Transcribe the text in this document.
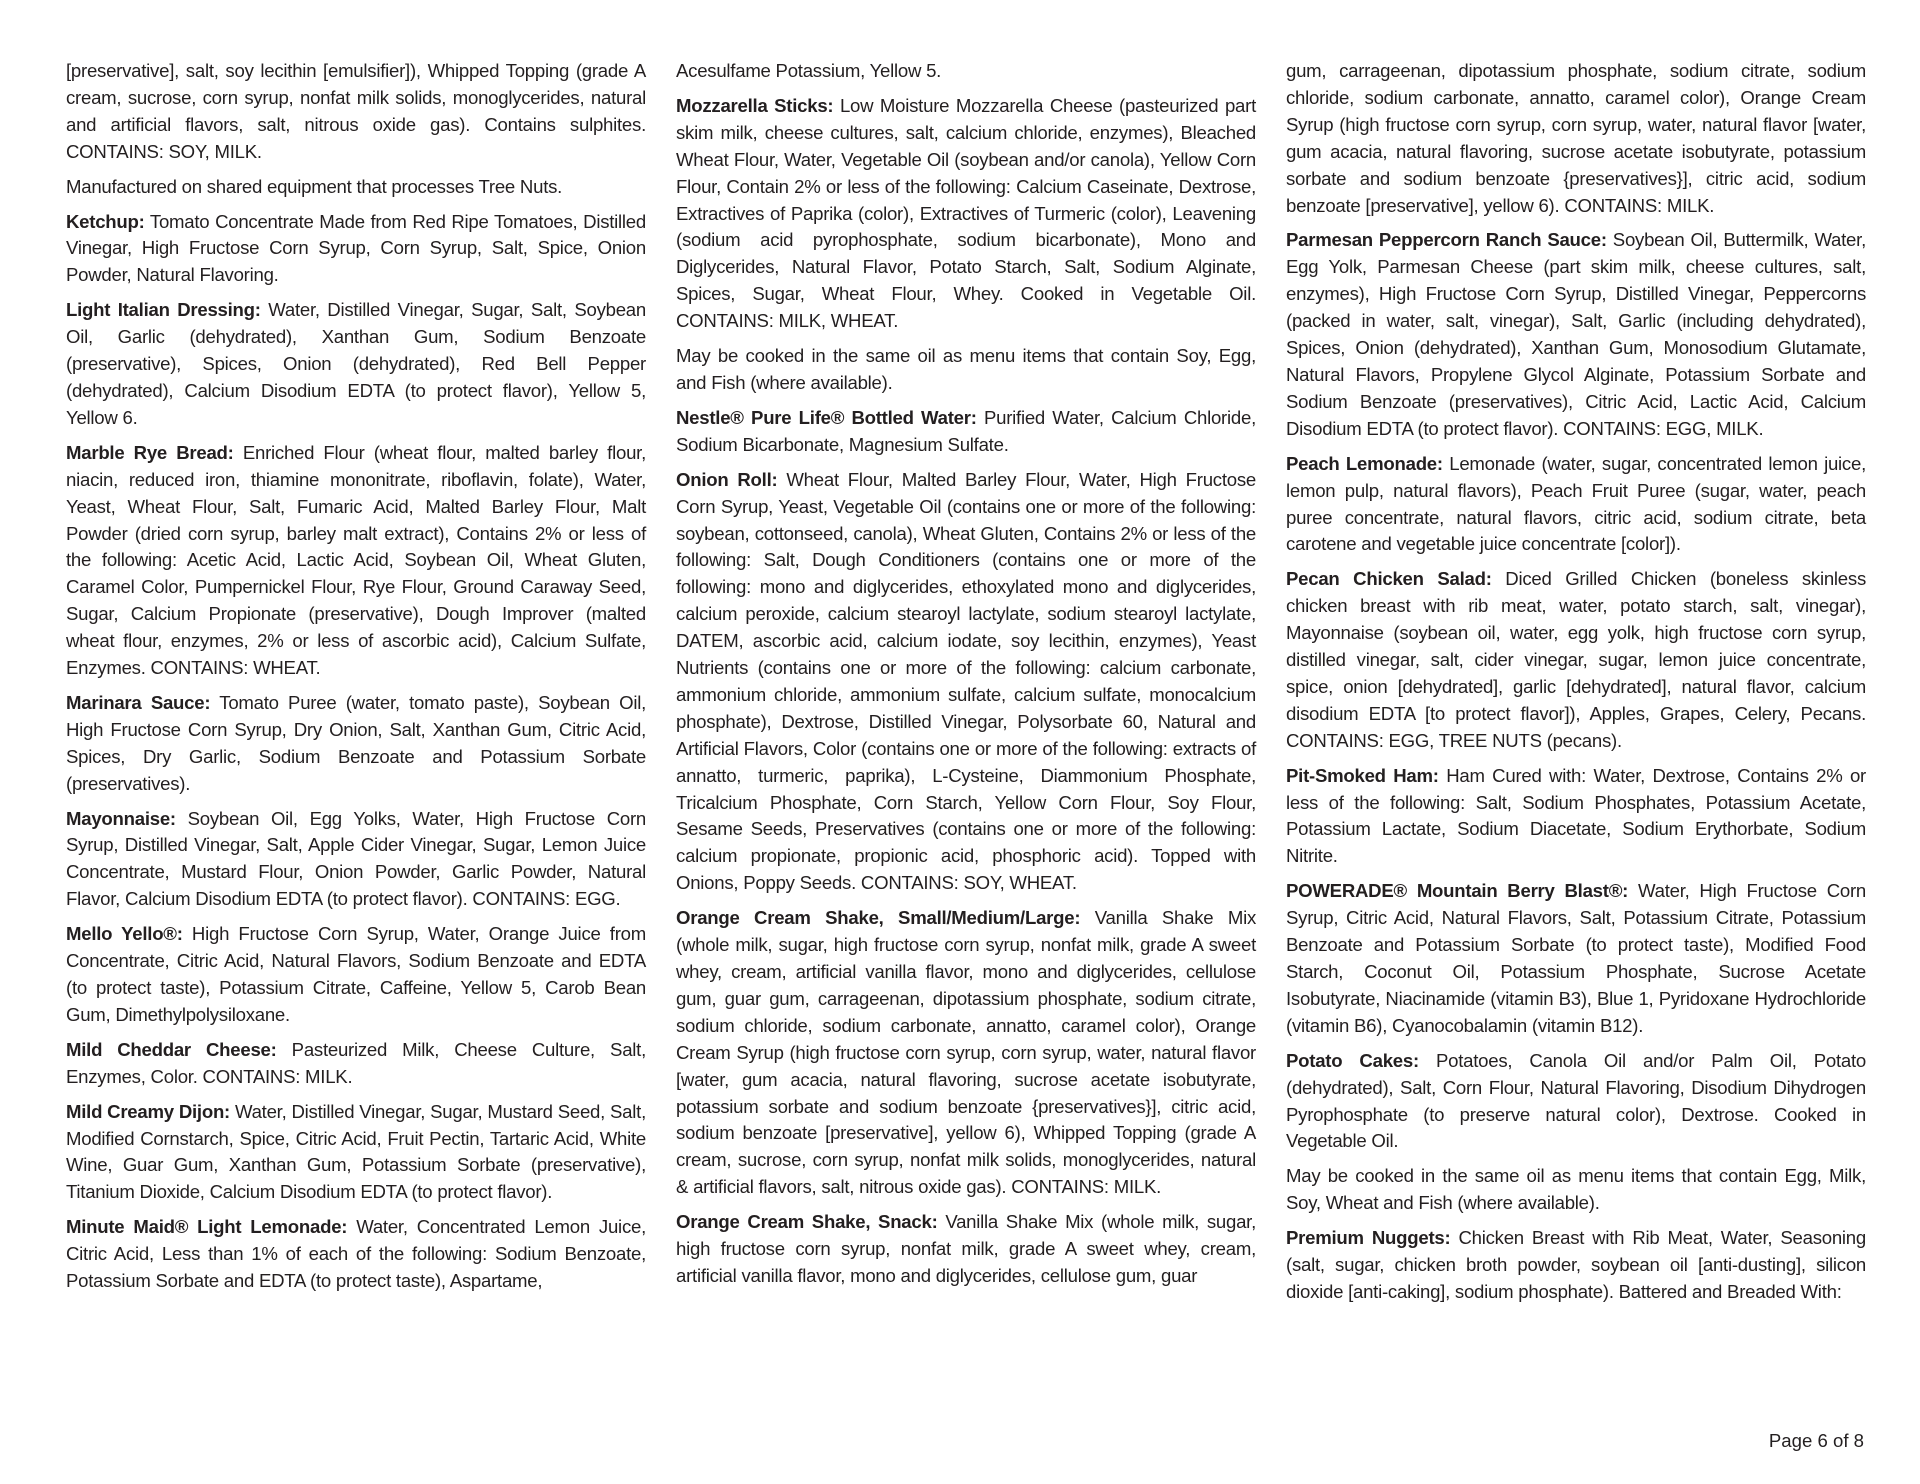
[preservative], salt, soy lecithin [emulsifier]), Whipped Topping (grade A cream, sucrose, corn syrup, nonfat milk solids, monoglycerides, natural and artificial flavors, salt, nitrous oxide gas). Contains sulphites. CONTAINS: SOY, MILK.

Manufactured on shared equipment that processes Tree Nuts.

Ketchup: Tomato Concentrate Made from Red Ripe Tomatoes, Distilled Vinegar, High Fructose Corn Syrup, Corn Syrup, Salt, Spice, Onion Powder, Natural Flavoring.

Light Italian Dressing: Water, Distilled Vinegar, Sugar, Salt, Soybean Oil, Garlic (dehydrated), Xanthan Gum, Sodium Benzoate (preservative), Spices, Onion (dehydrated), Red Bell Pepper (dehydrated), Calcium Disodium EDTA (to protect flavor), Yellow 5, Yellow 6.

Marble Rye Bread: Enriched Flour (wheat flour, malted barley flour, niacin, reduced iron, thiamine mononitrate, riboflavin, folate), Water, Yeast, Wheat Flour, Salt, Fumaric Acid, Malted Barley Flour, Malt Powder (dried corn syrup, barley malt extract), Contains 2% or less of the following: Acetic Acid, Lactic Acid, Soybean Oil, Wheat Gluten, Caramel Color, Pumpernickel Flour, Rye Flour, Ground Caraway Seed, Sugar, Calcium Propionate (preservative), Dough Improver (malted wheat flour, enzymes, 2% or less of ascorbic acid), Calcium Sulfate, Enzymes. CONTAINS: WHEAT.

Marinara Sauce: Tomato Puree (water, tomato paste), Soybean Oil, High Fructose Corn Syrup, Dry Onion, Salt, Xanthan Gum, Citric Acid, Spices, Dry Garlic, Sodium Benzoate and Potassium Sorbate (preservatives).

Mayonnaise: Soybean Oil, Egg Yolks, Water, High Fructose Corn Syrup, Distilled Vinegar, Salt, Apple Cider Vinegar, Sugar, Lemon Juice Concentrate, Mustard Flour, Onion Powder, Garlic Powder, Natural Flavor, Calcium Disodium EDTA (to protect flavor). CONTAINS: EGG.

Mello Yello®: High Fructose Corn Syrup, Water, Orange Juice from Concentrate, Citric Acid, Natural Flavors, Sodium Benzoate and EDTA (to protect taste), Potassium Citrate, Caffeine, Yellow 5, Carob Bean Gum, Dimethylpolysiloxane.

Mild Cheddar Cheese: Pasteurized Milk, Cheese Culture, Salt, Enzymes, Color. CONTAINS: MILK.

Mild Creamy Dijon: Water, Distilled Vinegar, Sugar, Mustard Seed, Salt, Modified Cornstarch, Spice, Citric Acid, Fruit Pectin, Tartaric Acid, White Wine, Guar Gum, Xanthan Gum, Potassium Sorbate (preservative), Titanium Dioxide, Calcium Disodium EDTA (to protect flavor).

Minute Maid® Light Lemonade: Water, Concentrated Lemon Juice, Citric Acid, Less than 1% of each of the following: Sodium Benzoate, Potassium Sorbate and EDTA (to protect taste), Aspartame,

Acesulfame Potassium, Yellow 5.

Mozzarella Sticks: Low Moisture Mozzarella Cheese (pasteurized part skim milk, cheese cultures, salt, calcium chloride, enzymes), Bleached Wheat Flour, Water, Vegetable Oil (soybean and/or canola), Yellow Corn Flour, Contain 2% or less of the following: Calcium Caseinate, Dextrose, Extractives of Paprika (color), Extractives of Turmeric (color), Leavening (sodium acid pyrophosphate, sodium bicarbonate), Mono and Diglycerides, Natural Flavor, Potato Starch, Salt, Sodium Alginate, Spices, Sugar, Wheat Flour, Whey. Cooked in Vegetable Oil. CONTAINS: MILK, WHEAT.

May be cooked in the same oil as menu items that contain Soy, Egg, and Fish (where available).

Nestle® Pure Life® Bottled Water: Purified Water, Calcium Chloride, Sodium Bicarbonate, Magnesium Sulfate.

Onion Roll: Wheat Flour, Malted Barley Flour, Water, High Fructose Corn Syrup, Yeast, Vegetable Oil (contains one or more of the following: soybean, cottonseed, canola), Wheat Gluten, Contains 2% or less of the following: Salt, Dough Conditioners (contains one or more of the following: mono and diglycerides, ethoxylated mono and diglycerides, calcium peroxide, calcium stearoyl lactylate, sodium stearoyl lactylate, DATEM, ascorbic acid, calcium iodate, soy lecithin, enzymes), Yeast Nutrients (contains one or more of the following: calcium carbonate, ammonium chloride, ammonium sulfate, calcium sulfate, monocalcium phosphate), Dextrose, Distilled Vinegar, Polysorbate 60, Natural and Artificial Flavors, Color (contains one or more of the following: extracts of annatto, turmeric, paprika), L-Cysteine, Diammonium Phosphate, Tricalcium Phosphate, Corn Starch, Yellow Corn Flour, Soy Flour, Sesame Seeds, Preservatives (contains one or more of the following: calcium propionate, propionic acid, phosphoric acid). Topped with Onions, Poppy Seeds. CONTAINS: SOY, WHEAT.

Orange Cream Shake, Small/Medium/Large: Vanilla Shake Mix (whole milk, sugar, high fructose corn syrup, nonfat milk, grade A sweet whey, cream, artificial vanilla flavor, mono and diglycerides, cellulose gum, guar gum, carrageenan, dipotassium phosphate, sodium citrate, sodium chloride, sodium carbonate, annatto, caramel color), Orange Cream Syrup (high fructose corn syrup, corn syrup, water, natural flavor [water, gum acacia, natural flavoring, sucrose acetate isobutyrate, potassium sorbate and sodium benzoate {preservatives}], citric acid, sodium benzoate [preservative], yellow 6), Whipped Topping (grade A cream, sucrose, corn syrup, nonfat milk solids, monoglycerides, natural & artificial flavors, salt, nitrous oxide gas). CONTAINS: MILK.

Orange Cream Shake, Snack: Vanilla Shake Mix (whole milk, sugar, high fructose corn syrup, nonfat milk, grade A sweet whey, cream, artificial vanilla flavor, mono and diglycerides, cellulose gum, guar

gum, carrageenan, dipotassium phosphate, sodium citrate, sodium chloride, sodium carbonate, annatto, caramel color), Orange Cream Syrup (high fructose corn syrup, corn syrup, water, natural flavor [water, gum acacia, natural flavoring, sucrose acetate isobutyrate, potassium sorbate and sodium benzoate {preservatives}], citric acid, sodium benzoate [preservative], yellow 6). CONTAINS: MILK.

Parmesan Peppercorn Ranch Sauce: Soybean Oil, Buttermilk, Water, Egg Yolk, Parmesan Cheese (part skim milk, cheese cultures, salt, enzymes), High Fructose Corn Syrup, Distilled Vinegar, Peppercorns (packed in water, salt, vinegar), Salt, Garlic (including dehydrated), Spices, Onion (dehydrated), Xanthan Gum, Monosodium Glutamate, Natural Flavors, Propylene Glycol Alginate, Potassium Sorbate and Sodium Benzoate (preservatives), Citric Acid, Lactic Acid, Calcium Disodium EDTA (to protect flavor). CONTAINS: EGG, MILK.

Peach Lemonade: Lemonade (water, sugar, concentrated lemon juice, lemon pulp, natural flavors), Peach Fruit Puree (sugar, water, peach puree concentrate, natural flavors, citric acid, sodium citrate, beta carotene and vegetable juice concentrate [color]).

Pecan Chicken Salad: Diced Grilled Chicken (boneless skinless chicken breast with rib meat, water, potato starch, salt, vinegar), Mayonnaise (soybean oil, water, egg yolk, high fructose corn syrup, distilled vinegar, salt, cider vinegar, sugar, lemon juice concentrate, spice, onion [dehydrated], garlic [dehydrated], natural flavor, calcium disodium EDTA [to protect flavor]), Apples, Grapes, Celery, Pecans. CONTAINS: EGG, TREE NUTS (pecans).

Pit-Smoked Ham: Ham Cured with: Water, Dextrose, Contains 2% or less of the following: Salt, Sodium Phosphates, Potassium Acetate, Potassium Lactate, Sodium Diacetate, Sodium Erythorbate, Sodium Nitrite.

POWERADE® Mountain Berry Blast®: Water, High Fructose Corn Syrup, Citric Acid, Natural Flavors, Salt, Potassium Citrate, Potassium Benzoate and Potassium Sorbate (to protect taste), Modified Food Starch, Coconut Oil, Potassium Phosphate, Sucrose Acetate Isobutyrate, Niacinamide (vitamin B3), Blue 1, Pyridoxane Hydrochloride (vitamin B6), Cyanocobalamin (vitamin B12).

Potato Cakes: Potatoes, Canola Oil and/or Palm Oil, Potato (dehydrated), Salt, Corn Flour, Natural Flavoring, Disodium Dihydrogen Pyrophosphate (to preserve natural color), Dextrose. Cooked in Vegetable Oil.

May be cooked in the same oil as menu items that contain Egg, Milk, Soy, Wheat and Fish (where available).

Premium Nuggets: Chicken Breast with Rib Meat, Water, Seasoning (salt, sugar, chicken broth powder, soybean oil [anti-dusting], silicon dioxide [anti-caking], sodium phosphate). Battered and Breaded With:

Page 6 of 8
